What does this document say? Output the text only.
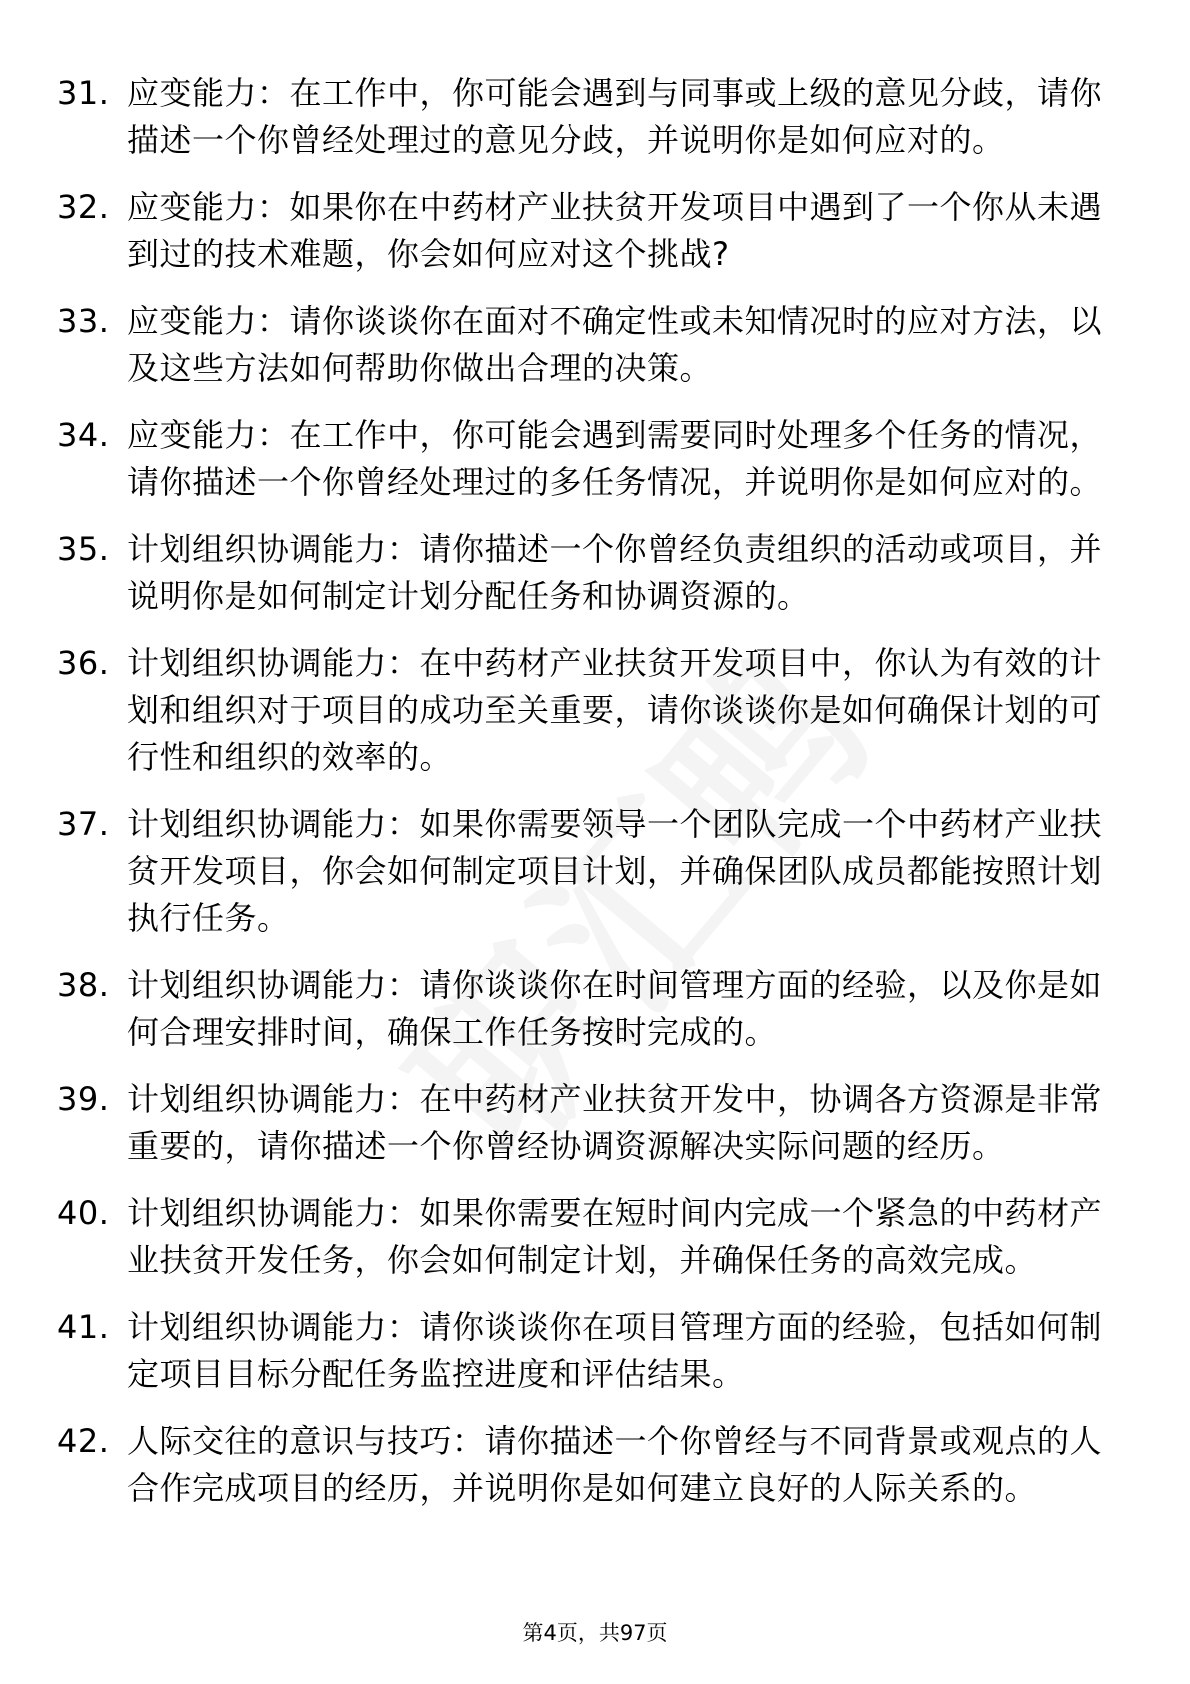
31. 应变能力：在工作中，你可能会遇到与同事或上级的意见分歧，请你描述一个你曾经处理过的意见分歧，并说明你是如何应对的。
32. 应变能力：如果你在中药材产业扶贫开发项目中遇到了一个你从未遇到过的技术难题，你会如何应对这个挑战?
33. 应变能力：请你谈谈你在面对不确定性或未知情况时的应对方法，以及这些方法如何帮助你做出合理的决策。
34. 应变能力：在工作中，你可能会遇到需要同时处理多个任务的情况，请你描述一个你曾经处理过的多任务情况，并说明你是如何应对的。
35. 计划组织协调能力：请你描述一个你曾经负责组织的活动或项目，并说明你是如何制定计划分配任务和协调资源的。
36. 计划组织协调能力：在中药材产业扶贫开发项目中，你认为有效的计划和组织对于项目的成功至关重要，请你谈谈你是如何确保计划的可行性和组织的效率的。
37. 计划组织协调能力：如果你需要领导一个团队完成一个中药材产业扶贫开发项目，你会如何制定项目计划，并确保团队成员都能按照计划执行任务。
38. 计划组织协调能力：请你谈谈你在时间管理方面的经验，以及你是如何合理安排时间，确保工作任务按时完成的。
39. 计划组织协调能力：在中药材产业扶贫开发中，协调各方资源是非常重要的，请你描述一个你曾经协调资源解决实际问题的经历。
40. 计划组织协调能力：如果你需要在短时间内完成一个紧急的中药材产业扶贫开发任务，你会如何制定计划，并确保任务的高效完成。
41. 计划组织协调能力：请你谈谈你在项目管理方面的经验，包括如何制定项目目标分配任务监控进度和评估结果。
42. 人际交往的意识与技巧：请你描述一个你曾经与不同背景或观点的人合作完成项目的经历，并说明你是如何建立良好的人际关系的。
第4页，共97页
